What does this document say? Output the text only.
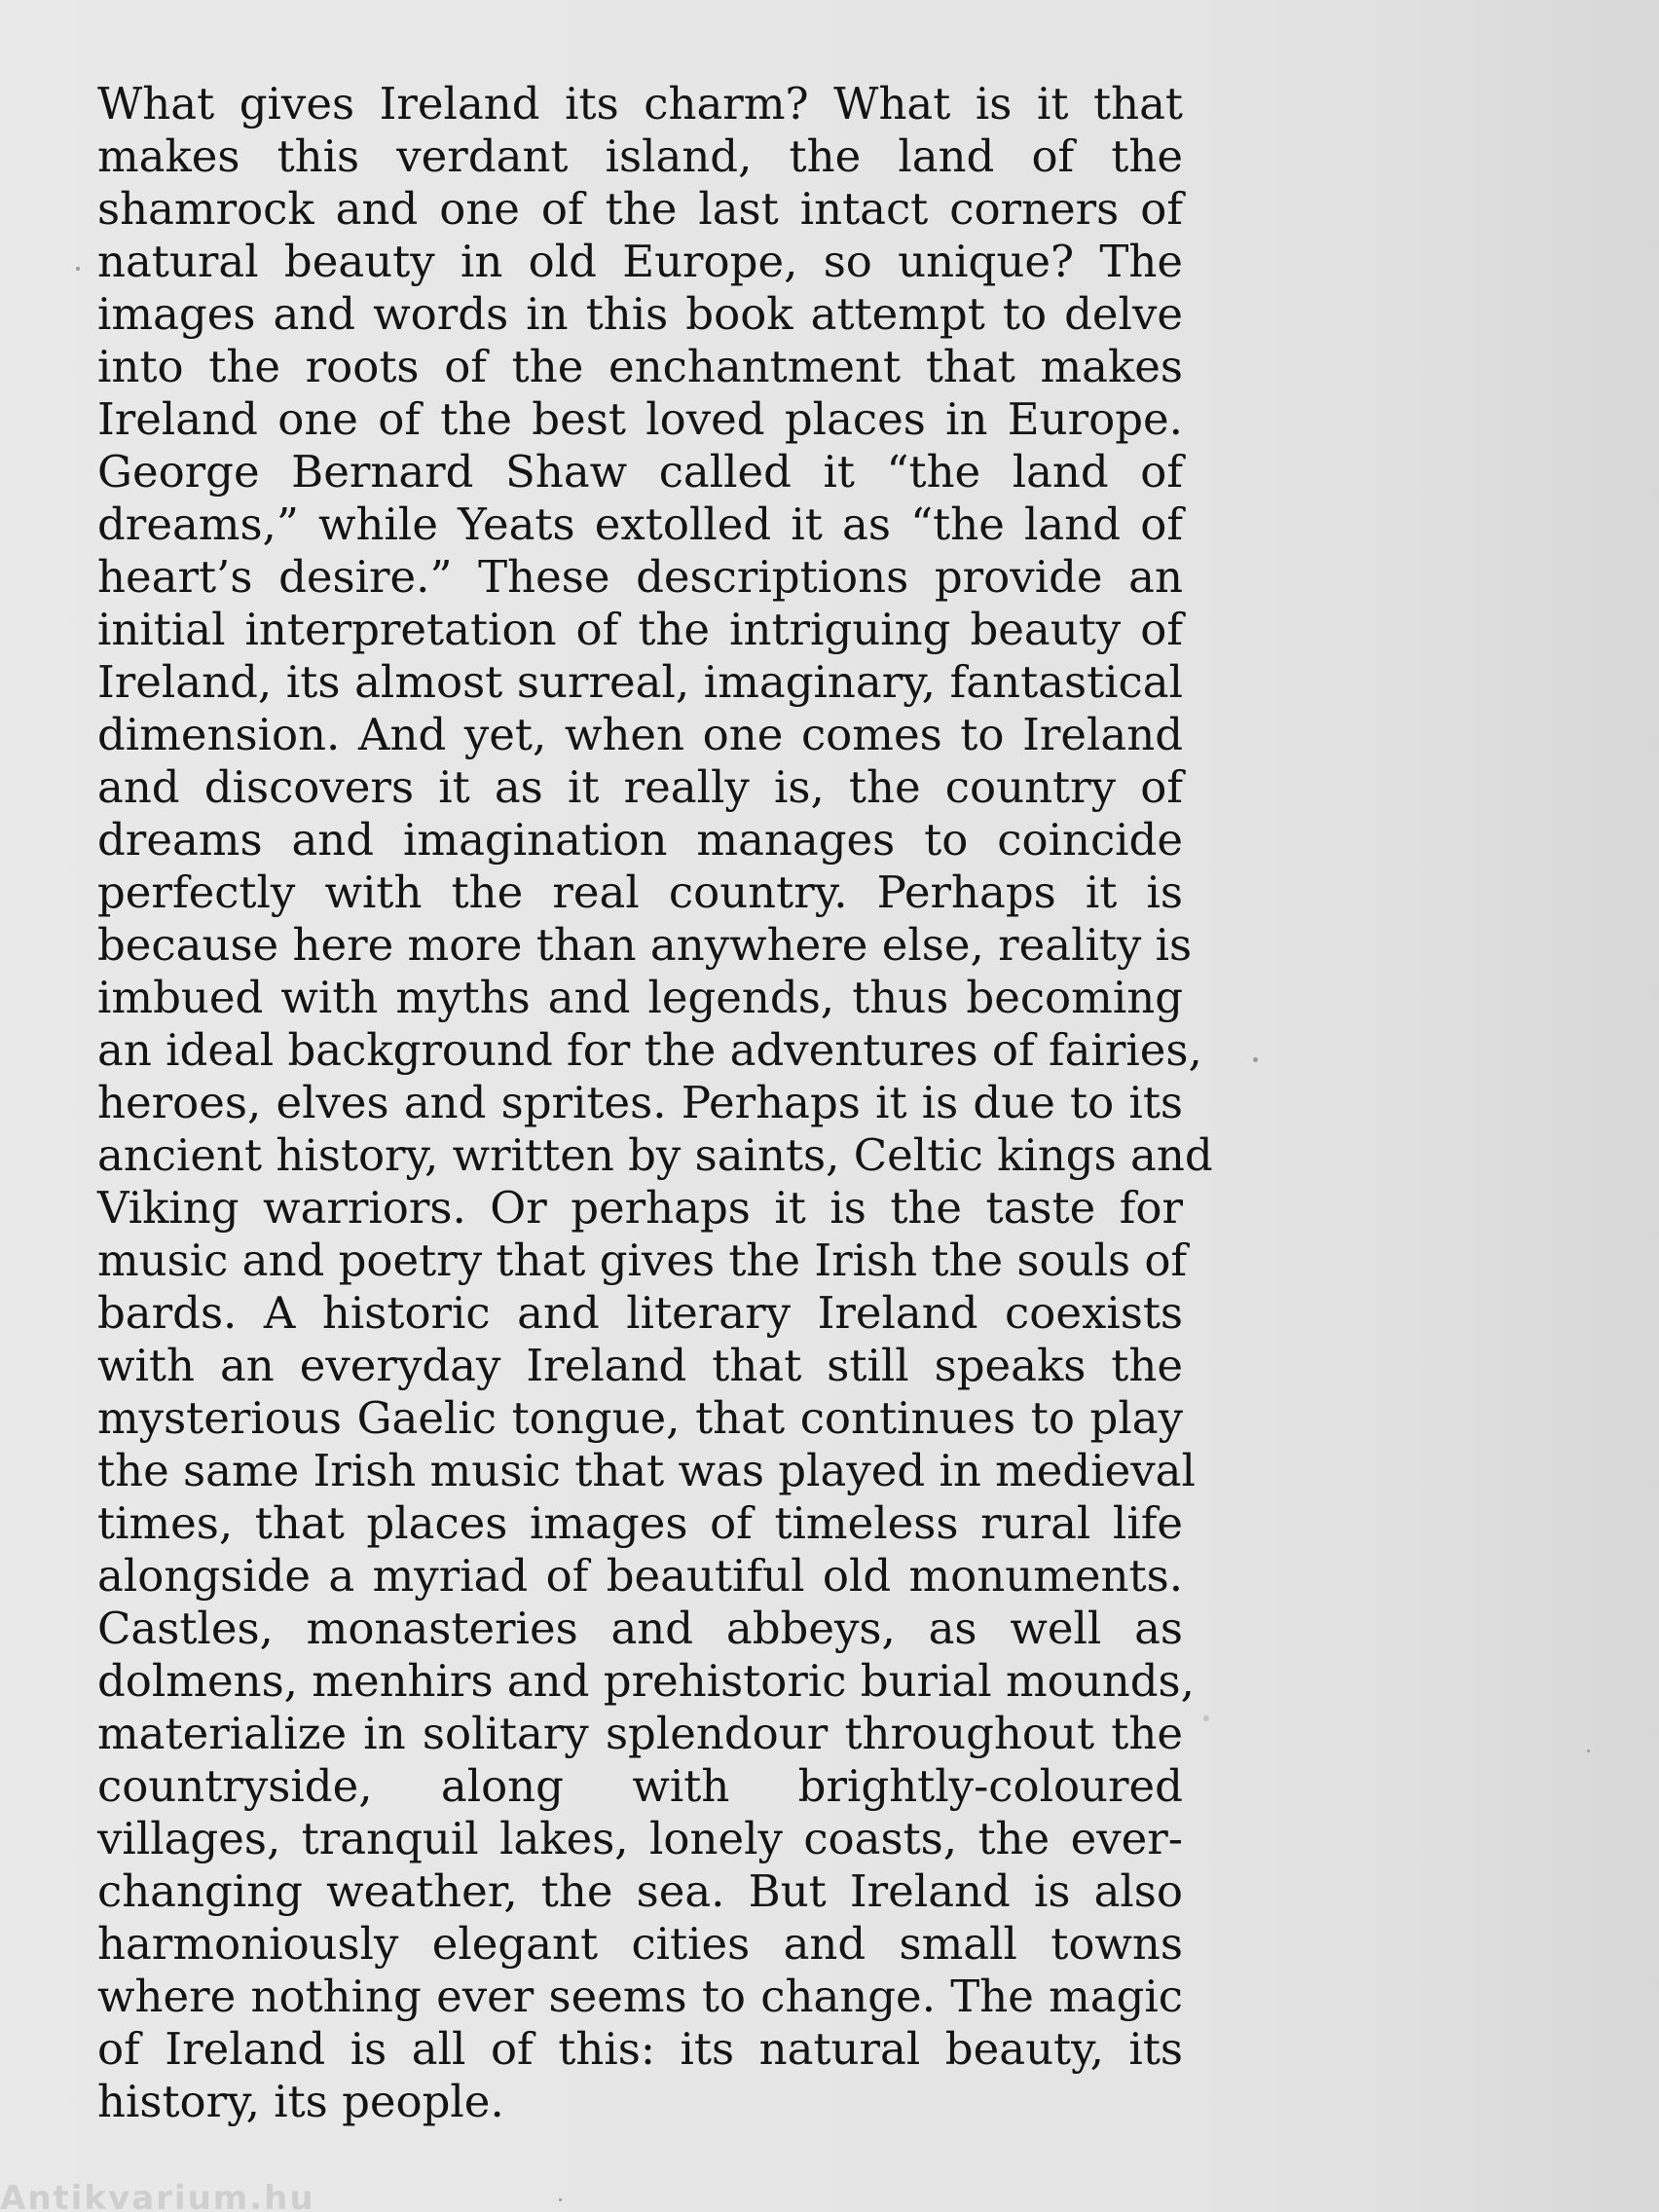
What gives Ireland its charm? What is it that
makes this verdant island, the land of the
shamrock and one of the last intact corners of
natural beauty in old Europe, so unique? The
images and words in this book attempt to delve
into the roots of the enchantment that makes
Ireland one of the best loved places in Europe.
George Bernard Shaw called it “the land of
dreams,” while Yeats extolled it as “the land of
heart’s desire.” These descriptions provide an
initial interpretation of the intriguing beauty of
Ireland, its almost surreal, imaginary, fantastical
dimension. And yet, when one comes to Ireland
and discovers it as it really is, the country of
dreams and imagination manages to coincide
perfectly with the real country. Perhaps it is
because here more than anywhere else, reality is
imbued with myths and legends, thus becoming
an ideal background for the adventures of fairies,
heroes, elves and sprites. Perhaps it is due to its
ancient history, written by saints, Celtic kings and
Viking warriors. Or perhaps it is the taste for
music and poetry that gives the Irish the souls of
bards. A historic and literary Ireland coexists
with an everyday Ireland that still speaks the
mysterious Gaelic tongue, that continues to play
the same Irish music that was played in medieval
times, that places images of timeless rural life
alongside a myriad of beautiful old monuments.
Castles, monasteries and abbeys, as well as
dolmens, menhirs and prehistoric burial mounds,
materialize in solitary splendour throughout the
countryside, along with brightly-coloured
villages, tranquil lakes, lonely coasts, the ever-
changing weather, the sea. But Ireland is also
harmoniously elegant cities and small towns
where nothing ever seems to change. The magic
of Ireland is all of this: its natural beauty, its
history, its people.
Antikvarium.hu
